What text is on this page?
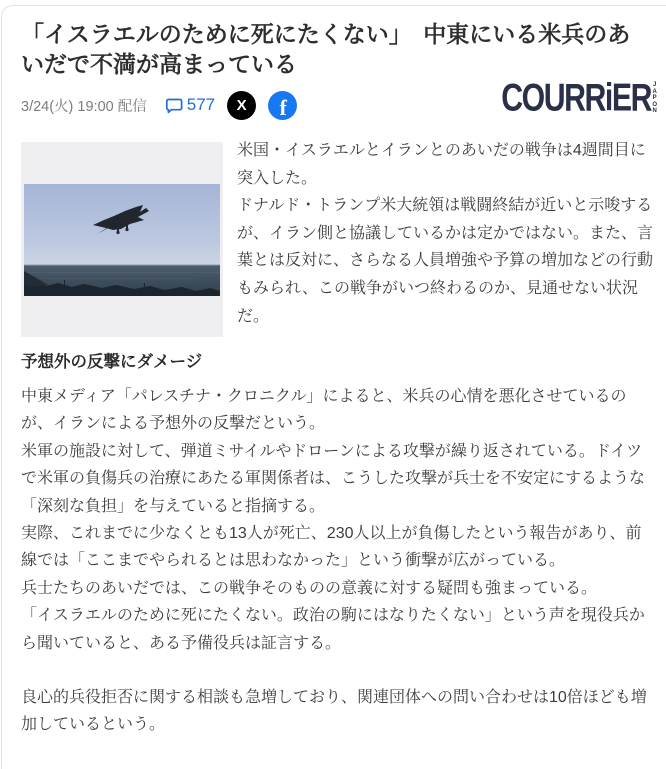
「イスラエルのために死にたくない」　中東にいる米兵のあいだで不満が高まっている
3/24(火) 19:00 配信 577 X f	COURRiER J
A
P
O
N

米国・イスラエルとイランとのあいだの戦争は4週間目に突入した。

ドナルド・トランプ米大統領は戦闘終結が近いと示唆するが、イラン側と協議しているかは定かではない。また、言葉とは反対に、さらなる人員増強や予算の増加などの行動もみられ、この戦争がいつ終わるのか、見通せない状況だ。

予想外の反撃にダメージ

中東メディア「パレスチナ・クロニクル」によると、米兵の心情を悪化させているのが、イランによる予想外の反撃だという。

米軍の施設に対して、弾道ミサイルやドローンによる攻撃が繰り返されている。ドイツで米軍の負傷兵の治療にあたる軍関係者は、こうした攻撃が兵士を不安定にするような「深刻な負担」を与えていると指摘する。

実際、これまでに少なくとも13人が死亡、230人以上が負傷したという報告があり、前線では「ここまでやられるとは思わなかった」という衝撃が広がっている。

兵士たちのあいだでは、この戦争そのものの意義に対する疑問も強まっている。

「イスラエルのために死にたくない。政治の駒にはなりたくない」という声を現役兵から聞いていると、ある予備役兵は証言する。

良心的兵役拒否に関する相談も急増しており、関連団体への問い合わせは10倍ほども増加しているという。
